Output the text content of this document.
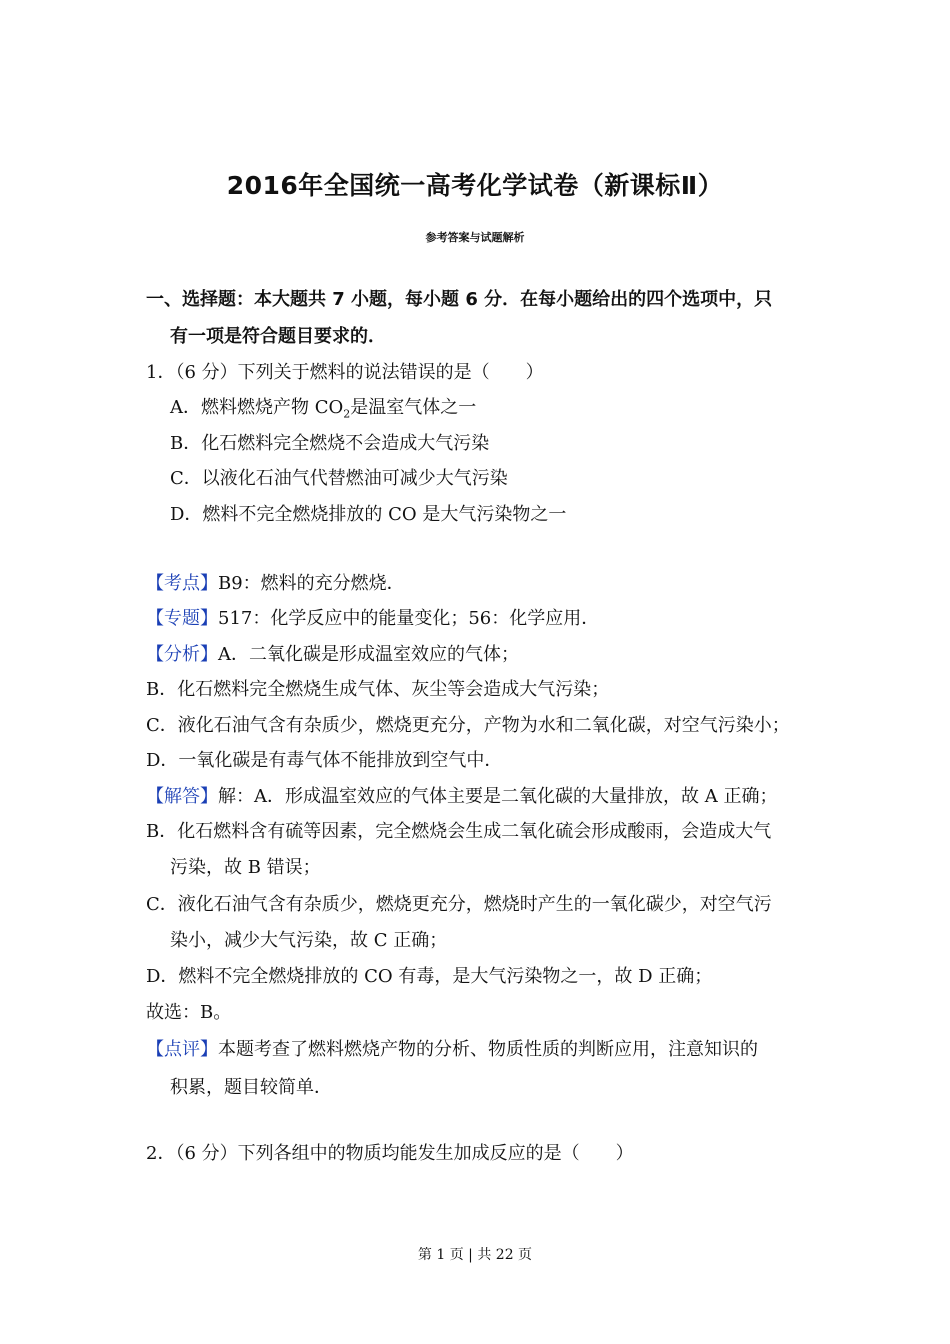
2016年全国统一高考化学试卷（新课标Ⅱ）
参考答案与试题解析
一、选择题：本大题共 7 小题，每小题 6 分．在每小题给出的四个选项中，只
有一项是符合题目要求的．
1．（6 分）下列关于燃料的说法错误的是（　　）
A．燃料燃烧产物 $CO_2$是温室气体之一
B．化石燃料完全燃烧不会造成大气污染
C．以液化石油气代替燃油可减少大气污染
D．燃料不完全燃烧排放的 CO 是大气污染物之一
【考点】B9：燃料的充分燃烧．
【专题】517：化学反应中的能量变化；56：化学应用．
【分析】A．二氧化碳是形成温室效应的气体；
B．化石燃料完全燃烧生成气体、灰尘等会造成大气污染；
C．液化石油气含有杂质少，燃烧更充分，产物为水和二氧化碳，对空气污染小；
D．一氧化碳是有毒气体不能排放到空气中．
【解答】解：A．形成温室效应的气体主要是二氧化碳的大量排放，故 A 正确；
B．化石燃料含有硫等因素，完全燃烧会生成二氧化硫会形成酸雨，会造成大气
污染，故 B 错误；
C．液化石油气含有杂质少，燃烧更充分，燃烧时产生的一氧化碳少，对空气污
染小，减少大气污染，故 C 正确；
D．燃料不完全燃烧排放的 CO 有毒，是大气污染物之一，故 D 正确；
故选：B。
【点评】本题考查了燃料燃烧产物的分析、物质性质的判断应用，注意知识的
积累，题目较简单．
2．（6 分）下列各组中的物质均能发生加成反应的是（　　）
第 1 页 | 共 22 页
